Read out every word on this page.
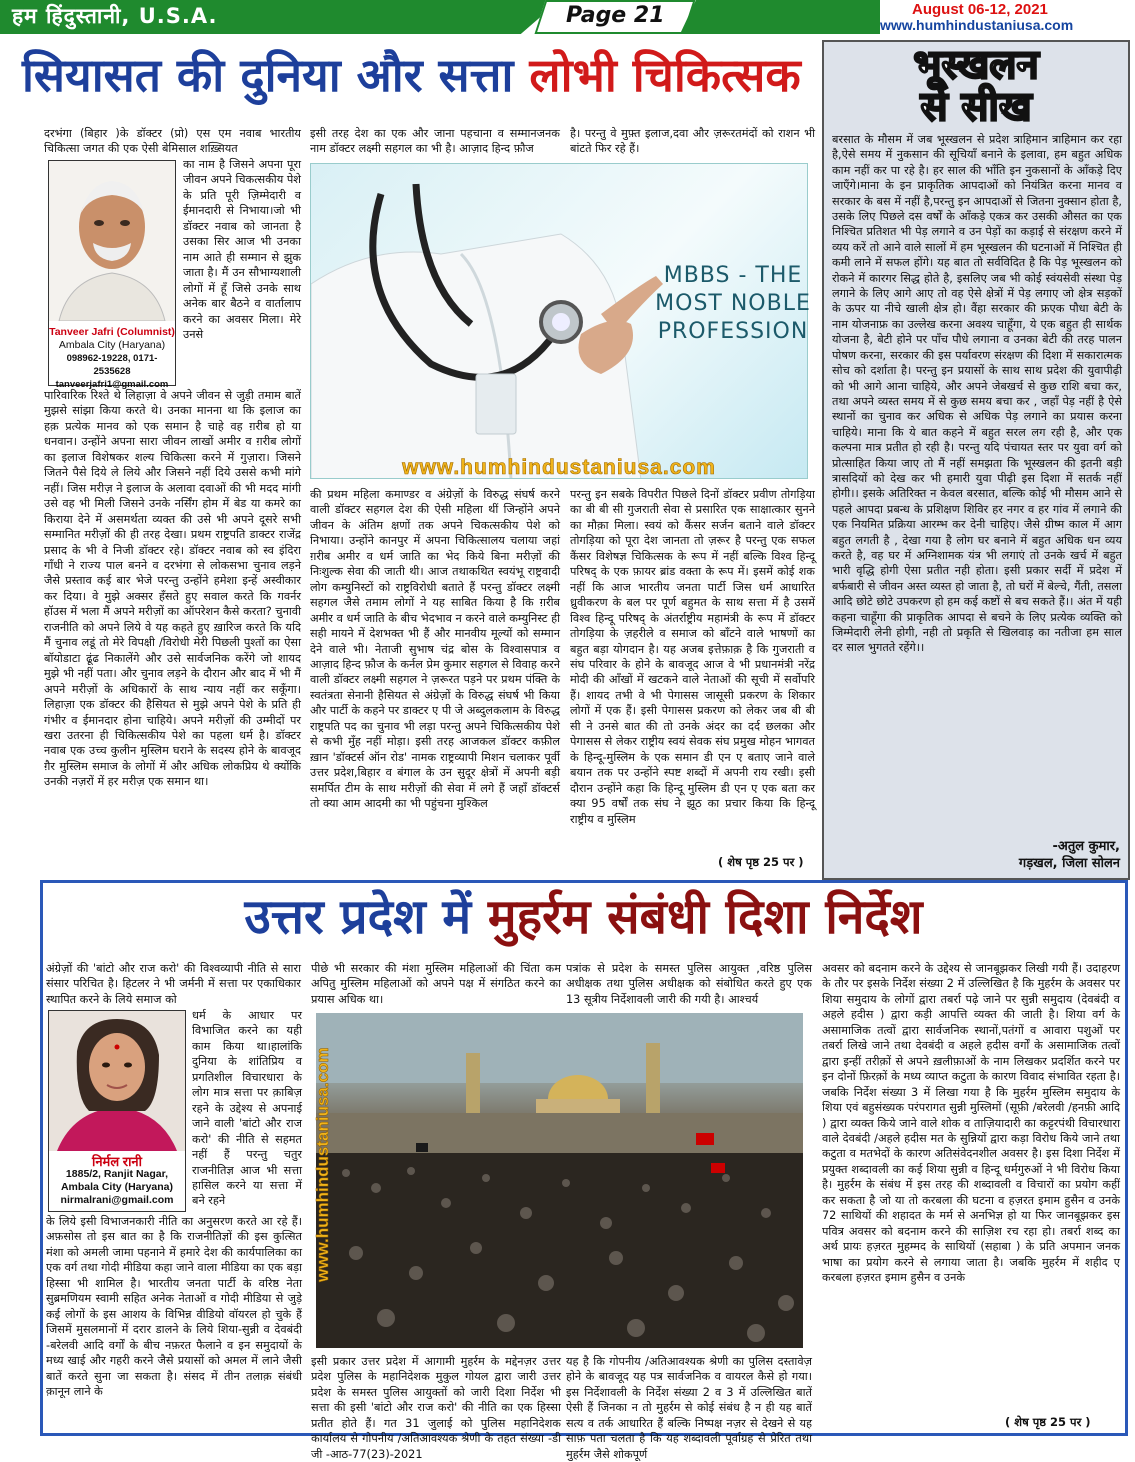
हम हिंदुस्तानी, U.S.A.	Page 21	August 06-12, 2021
www.humhindustaniusa.com
सियासत की दुनिया और सत्ता लोभी चिकित्सक
दरभंगा (बिहार )के डॉक्टर (प्रो) एस एम नवाब भारतीय चिकित्सा जगत की एक ऐसी बेमिसाल शख़्सियत
Tanveer Jafri (Columnist)
Ambala City (Haryana)
098962-19228, 0171-2535628
tanveerjafri1@gmail.com
का नाम है जिसने अपना पूरा जीवन अपने चिकत्सकीय पेशे के प्रति पूरी ज़िम्मेदारी व ईमानदारी से निभाया।जो भी डॉक्टर नवाब को जानता है उसका सिर आज भी उनका नाम आते ही सम्मान से झुक जाता है। मैं उन सौभाग्यशाली लोगों में हूँ जिसे उनके साथ अनेक बार बैठने व वार्तालाप करने का अवसर मिला। मेरे उनसे
पारिवारिक रिश्ते थे लिहाज़ा वे अपने जीवन से जुड़ी तमाम बातें मुझसे सांझा किया करते थे। उनका मानना था कि इलाज का हक़ प्रत्येक मानव को एक समान है चाहे वह ग़रीब हो या धनवान। उन्होंने अपना सारा जीवन लाखों अमीर व ग़रीब लोगों का इलाज विशेषकर शल्य चिकित्सा करने में गुज़ारा। जिसने जितने पैसे दिये ले लिये और जिसने नहीं दिये उससे कभी मांगे नहीं। जिस मरीज़ ने इलाज के अलावा दवाओं की भी मदद मांगी उसे वह भी मिली जिसने उनके नर्सिंग होम में बेड या कमरे का किराया देने में असमर्थता व्यक्त की उसे भी अपने दूसरे सभी सम्मानित मरीज़ों की ही तरह देखा। प्रथम राष्ट्रपति डाक्टर राजेंद्र प्रसाद के भी वे निजी डॉक्टर रहे। डॉक्टर नवाब को स्व इंदिरा गाँधी ने राज्य पाल बनने व दरभंगा से लोकसभा चुनाव लड़ने जैसे प्रस्ताव कई बार भेजे परन्तु उन्होंने हमेशा इन्हें अस्वीकार कर दिया। वे मुझे अक्सर हँसते हुए सवाल करते कि गवर्नर हॉउस में भला मैं अपने मरीज़ों का ऑपरेशन कैसे करता? चुनावी राजनीति को अपने लिये वे यह कहते हुए ख़ारिज करते कि यदि मैं चुनाव लडूं तो मेरे विपक्षी /विरोधी मेरी पिछली पुश्तों का ऐसा बॉयोडाटा ढूंढ निकालेंगे और उसे सार्वजनिक करेंगे जो शायद मुझे भी नहीं पता। और चुनाव लड़ने के दौरान और बाद में भी मैं अपने मरीज़ों के अधिकारों के साथ न्याय नहीं कर सकूँगा। लिहाज़ा एक डॉक्टर की हैसियत से मुझे अपने पेशे के प्रति ही गंभीर व ईमानदार होना चाहिये। अपने मरीज़ों की उम्मीदों पर खरा उतरना ही चिकित्सकीय पेशे का पहला धर्म है। डॉक्टर नवाब एक उच्च कुलीन मुस्लिम घराने के सदस्य होने के बावजूद ग़ैर मुस्लिम समाज के लोगों में और अधिक लोकप्रिय थे क्योंकि उनकी नज़रों में हर मरीज़ एक समान था।
इसी तरह देश का एक और जाना पहचाना व सम्मानजनक नाम डॉक्टर लक्ष्मी सहगल का भी है। आज़ाद हिन्द फ़ौज
है। परन्तु वे मुफ़्त इलाज,दवा और ज़रूरतमंदों को राशन भी बांटते फिर रहे हैं।
MBBS - THE MOST NOBLE PROFESSION
www.humhindustaniusa.com
की प्रथम महिला कमाण्डर व अंग्रेज़ों के विरुद्ध संघर्ष करने वाली डॉक्टर सहगल देश की ऐसी महिला थीं जिन्होंने अपने जीवन के अंतिम क्षणों तक अपने चिकत्सकीय पेशे को निभाया। उन्होंने कानपुर में अपना चिकित्सालय चलाया जहां ग़रीब अमीर व धर्म जाति का भेद किये बिना मरीज़ों की निःशुल्क सेवा की जाती थी। आज तथाकथित स्वयंभू राष्ट्रवादी लोग कम्युनिस्टों को राष्ट्रविरोधी बताते हैं परन्तु डॉक्टर लक्ष्मी सहगल जैसे तमाम लोगों ने यह साबित किया है कि ग़रीब अमीर व धर्म जाति के बीच भेदभाव न करने वाले कम्युनिस्ट ही सही मायने में देशभक्त भी हैं और मानवीय मूल्यों को सम्मान देने वाले भी। नेताजी सुभाष चंद्र बोस के विश्वासपात्र व आज़ाद हिन्द फ़ौज के कर्नल प्रेम कुमार सहगल से विवाह करने वाली डॉक्टर लक्ष्मी सहगल ने ज़रूरत पड़ने पर प्रथम पंक्ति के स्वतंत्रता सेनानी हैसियत से अंग्रेज़ों के विरुद्ध संघर्ष भी किया और पार्टी के कहने पर डाक्टर ए पी जे अब्दुलकलाम के विरुद्ध राष्ट्रपति पद का चुनाव भी लड़ा परन्तु अपने चिकित्सकीय पेशे से कभी मुँह नहीं मोड़ा। इसी तरह आजकल डॉक्टर कफ़ील ख़ान 'डॉक्टर्स ऑन रोड' नामक राष्ट्रव्यापी मिशन चलाकर पूर्वी उत्तर प्रदेश,बिहार व बंगाल के उन सुदूर क्षेत्रों में अपनी बड़ी समर्पित टीम के साथ मरीज़ों की सेवा में लगे हैं जहाँ डॉक्टर्स तो क्या आम आदमी का भी पहुंचना मुश्किल
परन्तु इन सबके विपरीत पिछले दिनों डॉक्टर प्रवीण तोगड़िया का बी बी सी गुजराती सेवा से प्रसारित एक साक्षात्कार सुनने का मौक़ा मिला। स्वयं को कैंसर सर्जन बताने वाले डॉक्टर तोगड़िया को पूरा देश जानता तो ज़रूर है परन्तु एक सफल कैंसर विशेषज्ञ चिकित्सक के रूप में नहीं बल्कि विश्व हिन्दू परिषद् के एक फ़ायर ब्रांड वक्ता के रूप में। इसमें कोई शक नहीं कि आज भारतीय जनता पार्टी जिस धर्म आधारित ध्रुवीकरण के बल पर पूर्ण बहुमत के साथ सत्ता में है उसमें विश्व हिन्दू परिषद् के अंतर्राष्ट्रीय महामंत्री के रूप में डॉक्टर तोगड़िया के ज़हरीले व समाज को बाँटने वाले भाषणों का बहुत बड़ा योगदान है। यह अजब इत्तेफ़ाक़ है कि गुजराती व संघ परिवार के होने के बावजूद आज वे भी प्रधानमंत्री नरेंद्र मोदी की आँखों में खटकने वाले नेताओं की सूची में सर्वोपरि हैं। शायद तभी वे भी पेगासस जासूसी प्रकरण के शिकार लोगों में एक हैं। इसी पेगासस प्रकरण को लेकर जब बी बी सी ने उनसे बात की तो उनके अंदर का दर्द छलका और पेगासस से लेकर राष्ट्रीय स्वयं सेवक संघ प्रमुख मोहन भागवत के हिन्दू-मुस्लिम के एक समान डी एन ए बताए जाने वाले बयान तक पर उन्होंने स्पष्ट शब्दों में अपनी राय रखी। इसी दौरान उन्होंने कहा कि हिन्दू मुस्लिम डी एन ए एक बता कर क्या 95 वर्षों तक संघ ने झूठ का प्रचार किया कि हिन्दू राष्ट्रीय व मुस्लिम
( शेष पृष्ठ 25 पर )
भूस्खलन
से सीख
बरसात के मौसम में जब भूस्खलन से प्रदेश त्राहिमान त्राहिमान कर रहा है,ऐसे समय में नुकसान की सूचियाँ बनाने के इलावा, हम बहुत अधिक काम नहीं कर पा रहे है। हर साल की भाँति इन नुकसानों के आँकड़े दिए जाएँगे।माना के इन प्राकृतिक आपदाओं को नियंत्रित करना मानव व सरकार के बस में नहीं है,परन्तु इन आपदाओं से जितना नुक्सान होता है, उसके लिए पिछले दस वर्षों के आँकड़े एकत्र कर उसकी औसत का एक निश्चित प्रतिशत भी पेड़ लगाने व उन पेड़ों का कड़ाई से संरक्षण करने में व्यय करें तो आने वाले सालों में हम भूस्खलन की घटनाओं में निश्चित ही कमी लाने में सफल होंगे। यह बात तो सर्वविदित है कि पेड़ भूस्खलन को रोकने में कारगर सिद्ध होते है, इसलिए जब भी कोई स्वंयसेवी संस्था पेड़ लगाने के लिए आगे आए तो वह ऐसे क्षेत्रों में पेड़ लगाए जो क्षेत्र सड़कों के ऊपर या नीचे खाली क्षेत्र हो। वैंहा सरकार की फ्रएक पौधा बेटी के नाम योजनाफ्र का उल्लेख करना अवश्य चाहूँगा, ये एक बहुत ही सार्थक योजना है, बेटी होने पर पाँच पौधे लगाना व उनका बेटी की तरह पालन पोषण करना, सरकार की इस पर्यावरण संरक्षण की दिशा में सकारात्मक सोच को दर्शाता है। परन्तु इन प्रयासों के साथ साथ प्रदेश की युवापीढ़ी को भी आगे आना चाहिये, और अपने जेबखर्च से कुछ राशि बचा कर, तथा अपने व्यस्त समय में से कुछ समय बचा कर , जहाँ पेड़ नहीं है ऐसे स्थानों का चुनाव कर अधिक से अधिक पेड़ लगाने का प्रयास करना चाहिये। माना कि ये बात कहने में बहुत सरल लग रही है, और एक कल्पना मात्र प्रतीत हो रही है। परन्तु यदि पंचायत स्तर पर युवा वर्ग को प्रोत्साहित किया जाए तो मैं नहीं समझता कि भूस्खलन की इतनी बड़ी त्रासदियों को देख कर भी हमारी युवा पीढ़ी इस दिशा में सतर्क नहीं होगी।। इसके अतिरिक्त न केवल बरसात, बल्कि कोई भी मौसम आने से पहले आपदा प्रबन्ध के प्रशिक्षण शिविर हर नगर व हर गांव में लगाने की एक नियमित प्रक्रिया आरम्भ कर देनी चाहिए। जैसे ग्रीष्म काल में आग बहुत लगती है , देखा गया है लोग घर बनाने में बहुत अधिक धन व्यय करते है, वह घर में अग्निशामक यंत्र भी लगाएं तो उनके खर्च में बहुत भारी वृद्धि होगी ऐसा प्रतीत नही होता। इसी प्रकार सर्दी में प्रदेश में बर्फबारी से जीवन अस्त व्यस्त हो जाता है, तो घरों में बेल्चे, गैंती, तसला आदि छोटे छोटे उपकरण हो हम कई कष्टों से बच सकते हैं।। अंत में यही कहना चाहूँगा की प्राकृतिक आपदा से बचने के लिए प्रत्येक व्यक्ति को जिम्मेदारी लेनी होगी, नही तो प्रकृति से खिलवाड़ का नतीजा हम साल दर साल भुगतते रहेंगे।।
-अतुल कुमार,
गड़खल, जिला सोलन
उत्तर प्रदेश में मुहर्रम संबंधी दिशा निर्देश
अंग्रेज़ों की 'बांटो और राज करो' की विश्वव्यापी नीति से सारा संसार परिचित है। हिटलर ने भी जर्मनी में सत्ता पर एकाधिकार स्थापित करने के लिये समाज को
निर्मल रानी
1885/2, Ranjit Nagar,
Ambala City (Haryana)
nirmalrani@gmail.com
धर्म के आधार पर विभाजित करने का यही काम किया था।हालांकि दुनिया के शांतिप्रिय व प्रगतिशील विचारधारा के लोग मात्र सत्ता पर क़ाबिज़ रहने के उद्देश्य से अपनाई जाने वाली 'बांटो और राज करो' की नीति से सहमत नहीं हैं परन्तु चतुर राजनीतिज्ञ आज भी सत्ता हासिल करने या सत्ता में बने रहने
के लिये इसी विभाजनकारी नीति का अनुसरण करते आ रहे हैं। अफ़सोस तो इस बात का है कि राजनीतिज्ञों की इस कुत्सित मंशा को अमली जामा पहनाने में हमारे देश की कार्यपालिका का एक वर्ग तथा गोदी मीडिया कहा जाने वाला मीडिया का एक बड़ा हिस्सा भी शामिल है। भारतीय जनता पार्टी के वरिष्ठ नेता सुब्रमणियम स्वामी सहित अनेक नेताओं व गोदी मीडिया से जुड़े कई लोगों के इस आशय के विभिन्न वीडियो वॉयरल हो चुके हैं जिसमें मुसलमानों में दरार डालने के लिये शिया-सुन्नी व देवबंदी -बरेलवी आदि वर्गों के बीच नफ़रत फैलाने व इन समुदायों के मध्य खाई और गहरी करने जैसे प्रयासों को अमल में लाने जैसी बातें करते सुना जा सकता है। संसद में तीन तलाक़ संबंधी क़ानून लाने के
पीछे भी सरकार की मंशा मुस्लिम महिलाओं की चिंता कम अपितु मुस्लिम महिलाओं को अपने पक्ष में संगठित करने का प्रयास अधिक था।
पत्रांक से प्रदेश के समस्त पुलिस आयुक्त ,वरिष्ठ पुलिस अधीक्षक तथा पुलिस अधीक्षक को संबोधित करते हुए एक 13 सूत्रीय निर्देशावली जारी की गयी है। आश्चर्य
www.humhindustaniusa.com
इसी प्रकार उत्तर प्रदेश में आगामी मुहर्रम के मद्देनज़र उत्तर प्रदेश पुलिस के महानिदेशक मुकुल गोयल द्वारा जारी उत्तर प्रदेश के समस्त पुलिस आयुक्तों को जारी दिशा निर्देश भी सत्ता की इसी 'बांटो और राज करो' की नीति का एक हिस्सा प्रतीत होते हैं। गत 31 जुलाई को पुलिस महानिदेशक कार्यालय से गोपनीय /अतिआवश्यक श्रेणी के तहत संख्या -डी जी -आठ-77(23)-2021
यह है कि गोपनीय /अतिआवश्यक श्रेणी का पुलिस दस्तावेज़ होने के बावजूद यह पत्र सार्वजनिक व वायरल कैसे हो गया। इस निर्देशावली के निर्देश संख्या 2 व 3 में उल्लिखित बातें ऐसी हैं जिनका न तो मुहर्रम से कोई संबंध है न ही यह बातें सत्य व तर्क आधारित हैं बल्कि निष्पक्ष नज़र से देखने से यह साफ़ पता चलता है कि यह शब्दावली पूर्वाग्रह से प्रेरित तथा मुहर्रम जैसे शोकपूर्ण
अवसर को बदनाम करने के उद्देश्य से जानबूझकर लिखी गयी हैं। उदाहरण के तौर पर इसके निर्देश संख्या 2 में उल्लिखित है कि मुहर्रम के अवसर पर शिया समुदाय के लोगों द्वारा तबर्रा पढ़े जाने पर सुन्नी समुदाय (देवबंदी व अहले हदीस ) द्वारा कड़ी आपत्ति व्यक्त की जाती है। शिया वर्ग के असामाजिक तत्वों द्वारा सार्वजनिक स्थानों,पतंगों व आवारा पशुओं पर तबर्रा लिखे जाने तथा देवबंदी व अहले हदीस वर्गों के असामाजिक तत्वों द्वारा इन्हीं तरीक़ों से अपने ख़लीफ़ाओं के नाम लिखकर प्रदर्शित करने पर इन दोनों फ़िरक़ों के मध्य व्याप्त कटुता के कारण विवाद संभावित रहता है। जबकि निर्देश संख्या 3 में लिखा गया है कि मुहर्रम मुस्लिम समुदाय के शिया एवं बहुसंख्यक परंपरागत सुन्नी मुस्लिमों (सूफ़ी /बरेलवी /हनफ़ी आदि ) द्वारा व्यक्त किये जाने वाले शोक व ताज़ियादारी का कट्टरपंथी विचारधारा वाले देवबंदी /अहले हदीस मत के सुन्नियों द्वारा कड़ा विरोध किये जाने तथा कटुता व मतभेदों के कारण अतिसंवेदनशील अवसर है। इस दिशा निर्देश में प्रयुक्त शब्दावली का कई शिया सुन्नी व हिन्दू धर्मगुरुओं ने भी विरोध किया है। मुहर्रम के संबंध में इस तरह की शब्दावली व विचारों का प्रयोग कहीं कर सकता है जो या तो करबला की घटना व हज़रत इमाम हुसैन व उनके 72 साथियों की शहादत के मर्म से अनभिज्ञ हो या फिर जानबूझकर इस पवित्र अवसर को बदनाम करने की साज़िश रच रहा हो। तबर्रा शब्द का अर्थ प्रायः हज़रत मुहम्मद के साथियों (सहाबा ) के प्रति अपमान जनक भाषा का प्रयोग करने से लगाया जाता है। जबकि मुहर्रम में शहीद ए करबला हज़रत इमाम हुसैन व उनके
( शेष पृष्ठ 25 पर )
